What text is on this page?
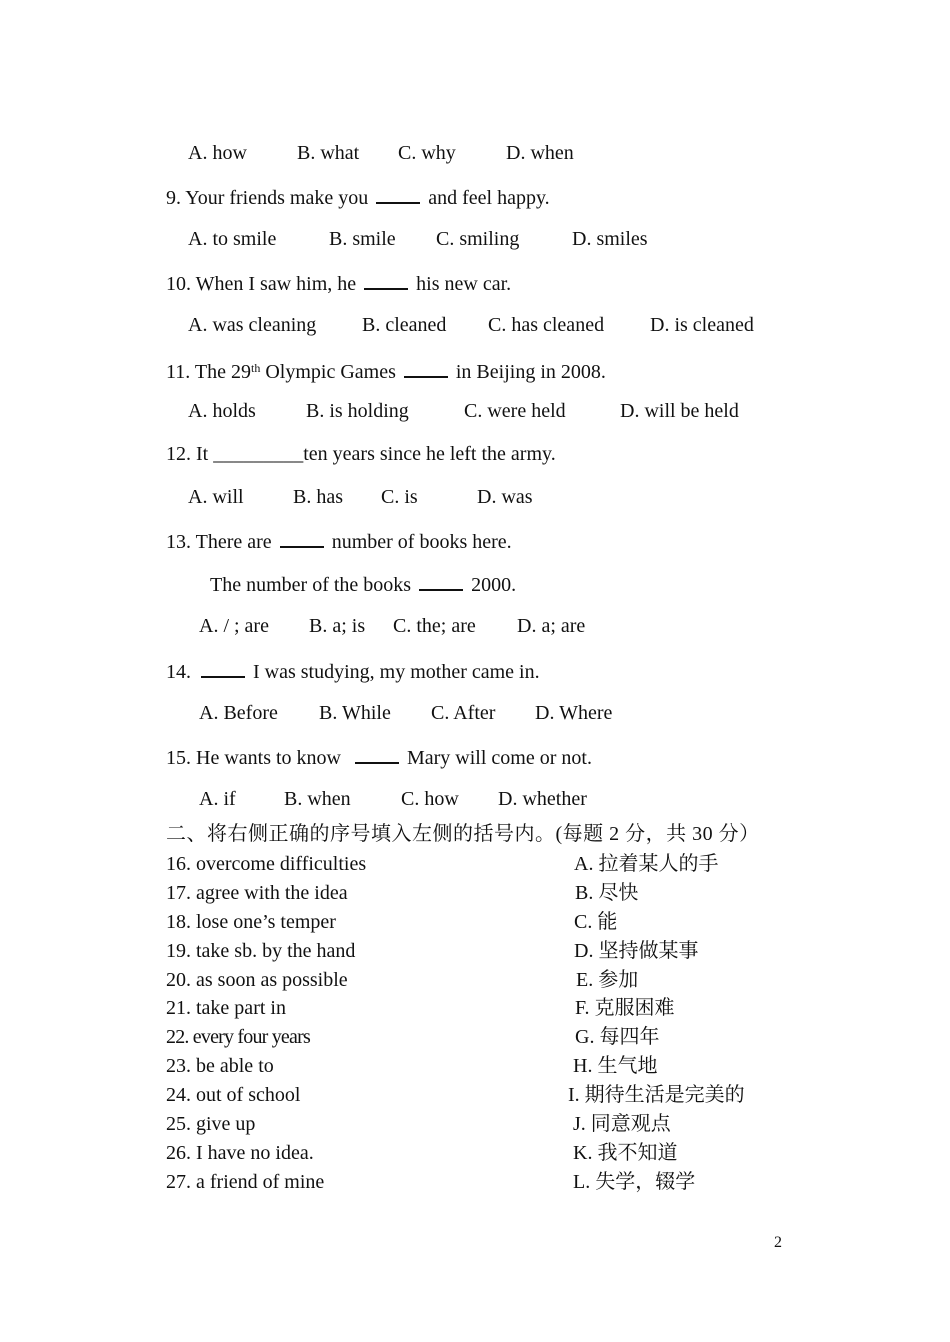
A. how	B. what C. why	D. when
9. Your friends make you	and feel happy.
A. to smile	B. smile C. smiling	D. smiles
10. When I saw him, he	his new car.
A. was cleaning B. cleaned C. has cleaned D. is cleaned
11. The 29th Olympic Games	in Beijing in 2008.
A. holds	B. is holding	C. were held	D. will be held
12. It _________ten years since he left the army.
A. will B. has C. is	D. was
13. There are	number of books here.
The number of the books	2000.
A. / ; are B. a; is C. the; are D. a; are
14.	I was studying, my mother came in.
A. Before B. While C. After D. Where
15. He wants to know	Mary will come or not.
A. if B. when	C. how D. whether
二、将右侧正确的序号填入左侧的括号内。(每题 2 分，共 30 分）
16. overcome difficulties	A. 拉着某人的手
17. agree with the idea	B. 尽快
18. lose one’s temper	C. 能
19. take sb. by the hand	D. 坚持做某事
20. as soon as possible	E. 参加
21. take part in	F. 克服困难
22. every four years	G. 每四年
23. be able to	H. 生气地
24. out of school	I. 期待生活是完美的
25. give up	J. 同意观点
26. I have no idea.	K. 我不知道
27. a friend of mine	L. 失学，辍学
2
